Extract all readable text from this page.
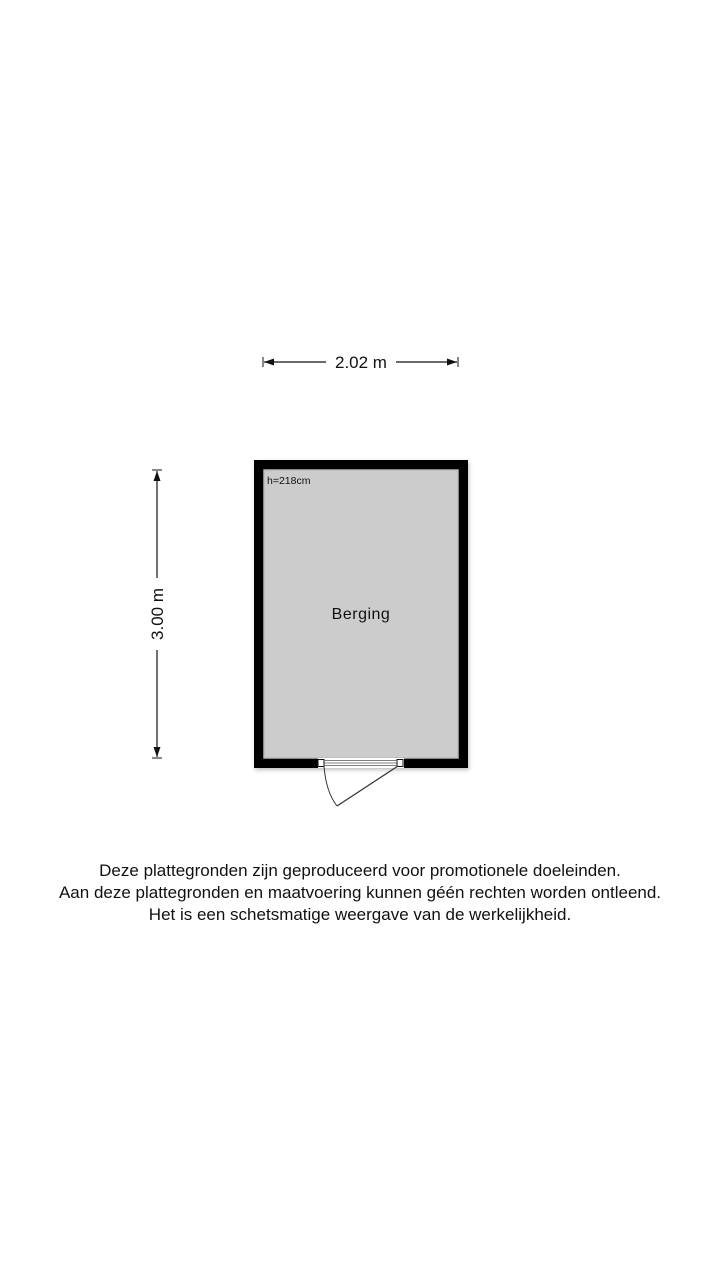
2.02 m
3.00 m
h=218cm
Berging
Deze plattegronden zijn geproduceerd voor promotionele doeleinden.
Aan deze plattegronden en maatvoering kunnen géén rechten worden ontleend.
Het is een schetsmatige weergave van de werkelijkheid.
